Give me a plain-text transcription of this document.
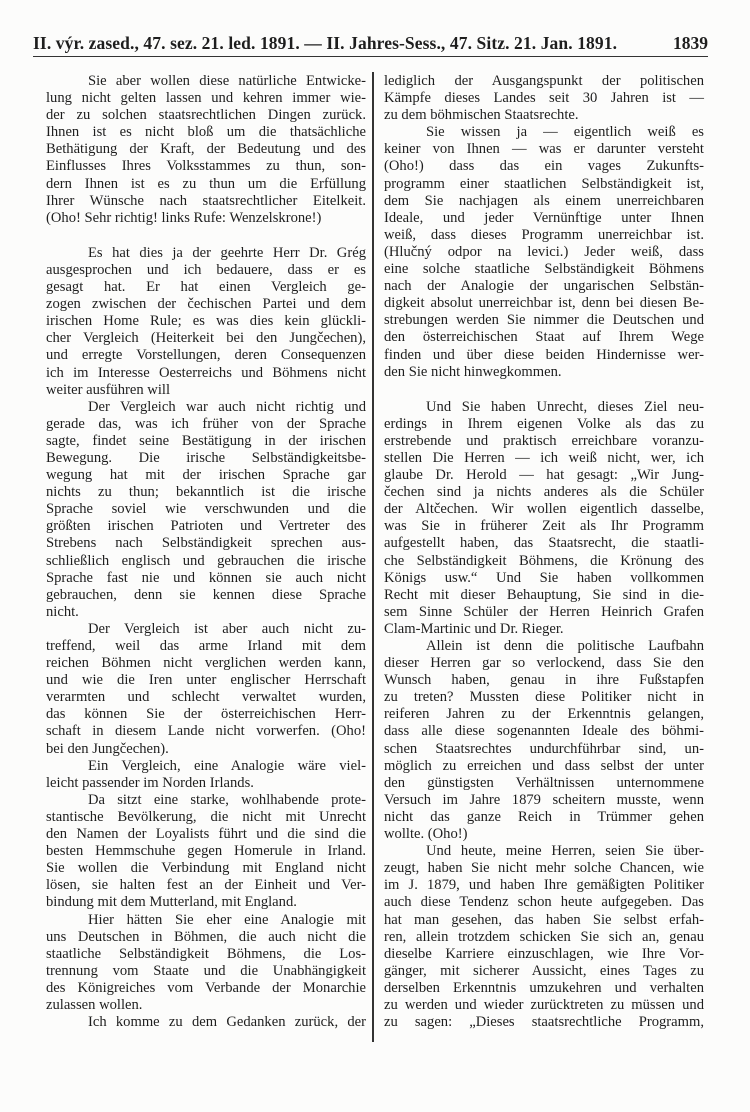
II. výr. zased., 47. sez. 21. led. 1891. — II. Jahres-Sess., 47. Sitz. 21. Jan. 1891.	1839
Sie aber wollen diese natürliche Entwicke-
lung nicht gelten lassen und kehren immer wie-
der zu solchen staatsrechtlichen Dingen zurück.
Ihnen ist es nicht bloß um die thatsächliche
Bethätigung der Kraft, der Bedeutung und des
Einflusses Ihres Volksstammes zu thun, son-
dern Ihnen ist es zu thun um die Erfüllung
Ihrer Wünsche nach staatsrechtlicher Eitelkeit.
(Oho! Sehr richtig! links Rufe: Wenzelskrone!)
Es hat dies ja der geehrte Herr Dr. Grég
ausgesprochen und ich bedauere, dass er es
gesagt hat. Er hat einen Vergleich ge-
zogen zwischen der čechischen Partei und dem
irischen Home Rule; es was dies kein glückli-
cher Vergleich (Heiterkeit bei den Jungčechen),
und erregte Vorstellungen, deren Consequenzen
ich im Interesse Oesterreichs und Böhmens nicht
weiter ausführen will
Der Vergleich war auch nicht richtig und
gerade das, was ich früher von der Sprache
sagte, findet seine Bestätigung in der irischen
Bewegung. Die irische Selbständigkeitsbe-
wegung hat mit der irischen Sprache gar
nichts zu thun; bekanntlich ist die irische
Sprache soviel wie verschwunden und die
größten irischen Patrioten und Vertreter des
Strebens nach Selbständigkeit sprechen aus-
schließlich englisch und gebrauchen die irische
Sprache fast nie und können sie auch nicht
gebrauchen, denn sie kennen diese Sprache
nicht.
Der Vergleich ist aber auch nicht zu-
treffend, weil das arme Irland mit dem
reichen Böhmen nicht verglichen werden kann,
und wie die Iren unter englischer Herrschaft
verarmten und schlecht verwaltet wurden,
das können Sie der österreichischen Herr-
schaft in diesem Lande nicht vorwerfen. (Oho!
bei den Jungčechen).
Ein Vergleich, eine Analogie wäre viel-
leicht passender im Norden Irlands.
Da sitzt eine starke, wohlhabende prote-
stantische Bevölkerung, die nicht mit Unrecht
den Namen der Loyalists führt und die sind die
besten Hemmschuhe gegen Homerule in Irland.
Sie wollen die Verbindung mit England nicht
lösen, sie halten fest an der Einheit und Ver-
bindung mit dem Mutterland, mit England.
Hier hätten Sie eher eine Analogie mit
uns Deutschen in Böhmen, die auch nicht die
staatliche Selbständigkeit Böhmens, die Los-
trennung vom Staate und die Unabhängigkeit
des Königreiches vom Verbande der Monarchie
zulassen wollen.
Ich komme zu dem Gedanken zurück, der
lediglich der Ausgangspunkt der politischen
Kämpfe dieses Landes seit 30 Jahren ist —
zu dem böhmischen Staatsrechte.
Sie wissen ja — eigentlich weiß es
keiner von Ihnen — was er darunter versteht
(Oho!) dass das ein vages Zukunfts-
programm einer staatlichen Selbständigkeit ist,
dem Sie nachjagen als einem unerreichbaren
Ideale, und jeder Vernünftige unter Ihnen
weiß, dass dieses Programm unerreichbar ist.
(Hlučný odpor na levici.) Jeder weiß, dass
eine solche staatliche Selbständigkeit Böhmens
nach der Analogie der ungarischen Selbstän-
digkeit absolut unerreichbar ist, denn bei diesen Be-
strebungen werden Sie nimmer die Deutschen und
den österreichischen Staat auf Ihrem Wege
finden und über diese beiden Hindernisse wer-
den Sie nicht hinwegkommen.
Und Sie haben Unrecht, dieses Ziel neu-
erdings in Ihrem eigenen Volke als das zu
erstrebende und praktisch erreichbare voranzu-
stellen Die Herren — ich weiß nicht, wer, ich
glaube Dr. Herold — hat gesagt: „Wir Jung-
čechen sind ja nichts anderes als die Schüler
der Altčechen. Wir wollen eigentlich dasselbe,
was Sie in früherer Zeit als Ihr Programm
aufgestellt haben, das Staatsrecht, die staatli-
che Selbständigkeit Böhmens, die Krönung des
Königs usw.“ Und Sie haben vollkommen
Recht mit dieser Behauptung, Sie sind in die-
sem Sinne Schüler der Herren Heinrich Grafen
Clam-Martinic und Dr. Rieger.
Allein ist denn die politische Laufbahn
dieser Herren gar so verlockend, dass Sie den
Wunsch haben, genau in ihre Fußstapfen
zu treten? Mussten diese Politiker nicht in
reiferen Jahren zu der Erkenntnis gelangen,
dass alle diese sogenannten Ideale des böhmi-
schen Staatsrechtes undurchführbar sind, un-
möglich zu erreichen und dass selbst der unter
den günstigsten Verhältnissen unternommene
Versuch im Jahre 1879 scheitern musste, wenn
nicht das ganze Reich in Trümmer gehen
wollte. (Oho!)
Und heute, meine Herren, seien Sie über-
zeugt, haben Sie nicht mehr solche Chancen, wie
im J. 1879, und haben Ihre gemäßigten Politiker
auch diese Tendenz schon heute aufgegeben. Das
hat man gesehen, das haben Sie selbst erfah-
ren, allein trotzdem schicken Sie sich an, genau
dieselbe Karriere einzuschlagen, wie Ihre Vor-
gänger, mit sicherer Aussicht, eines Tages zu
derselben Erkenntnis umzukehren und verhalten
zu werden und wieder zurücktreten zu müssen und
zu sagen: „Dieses staatsrechtliche Programm,
